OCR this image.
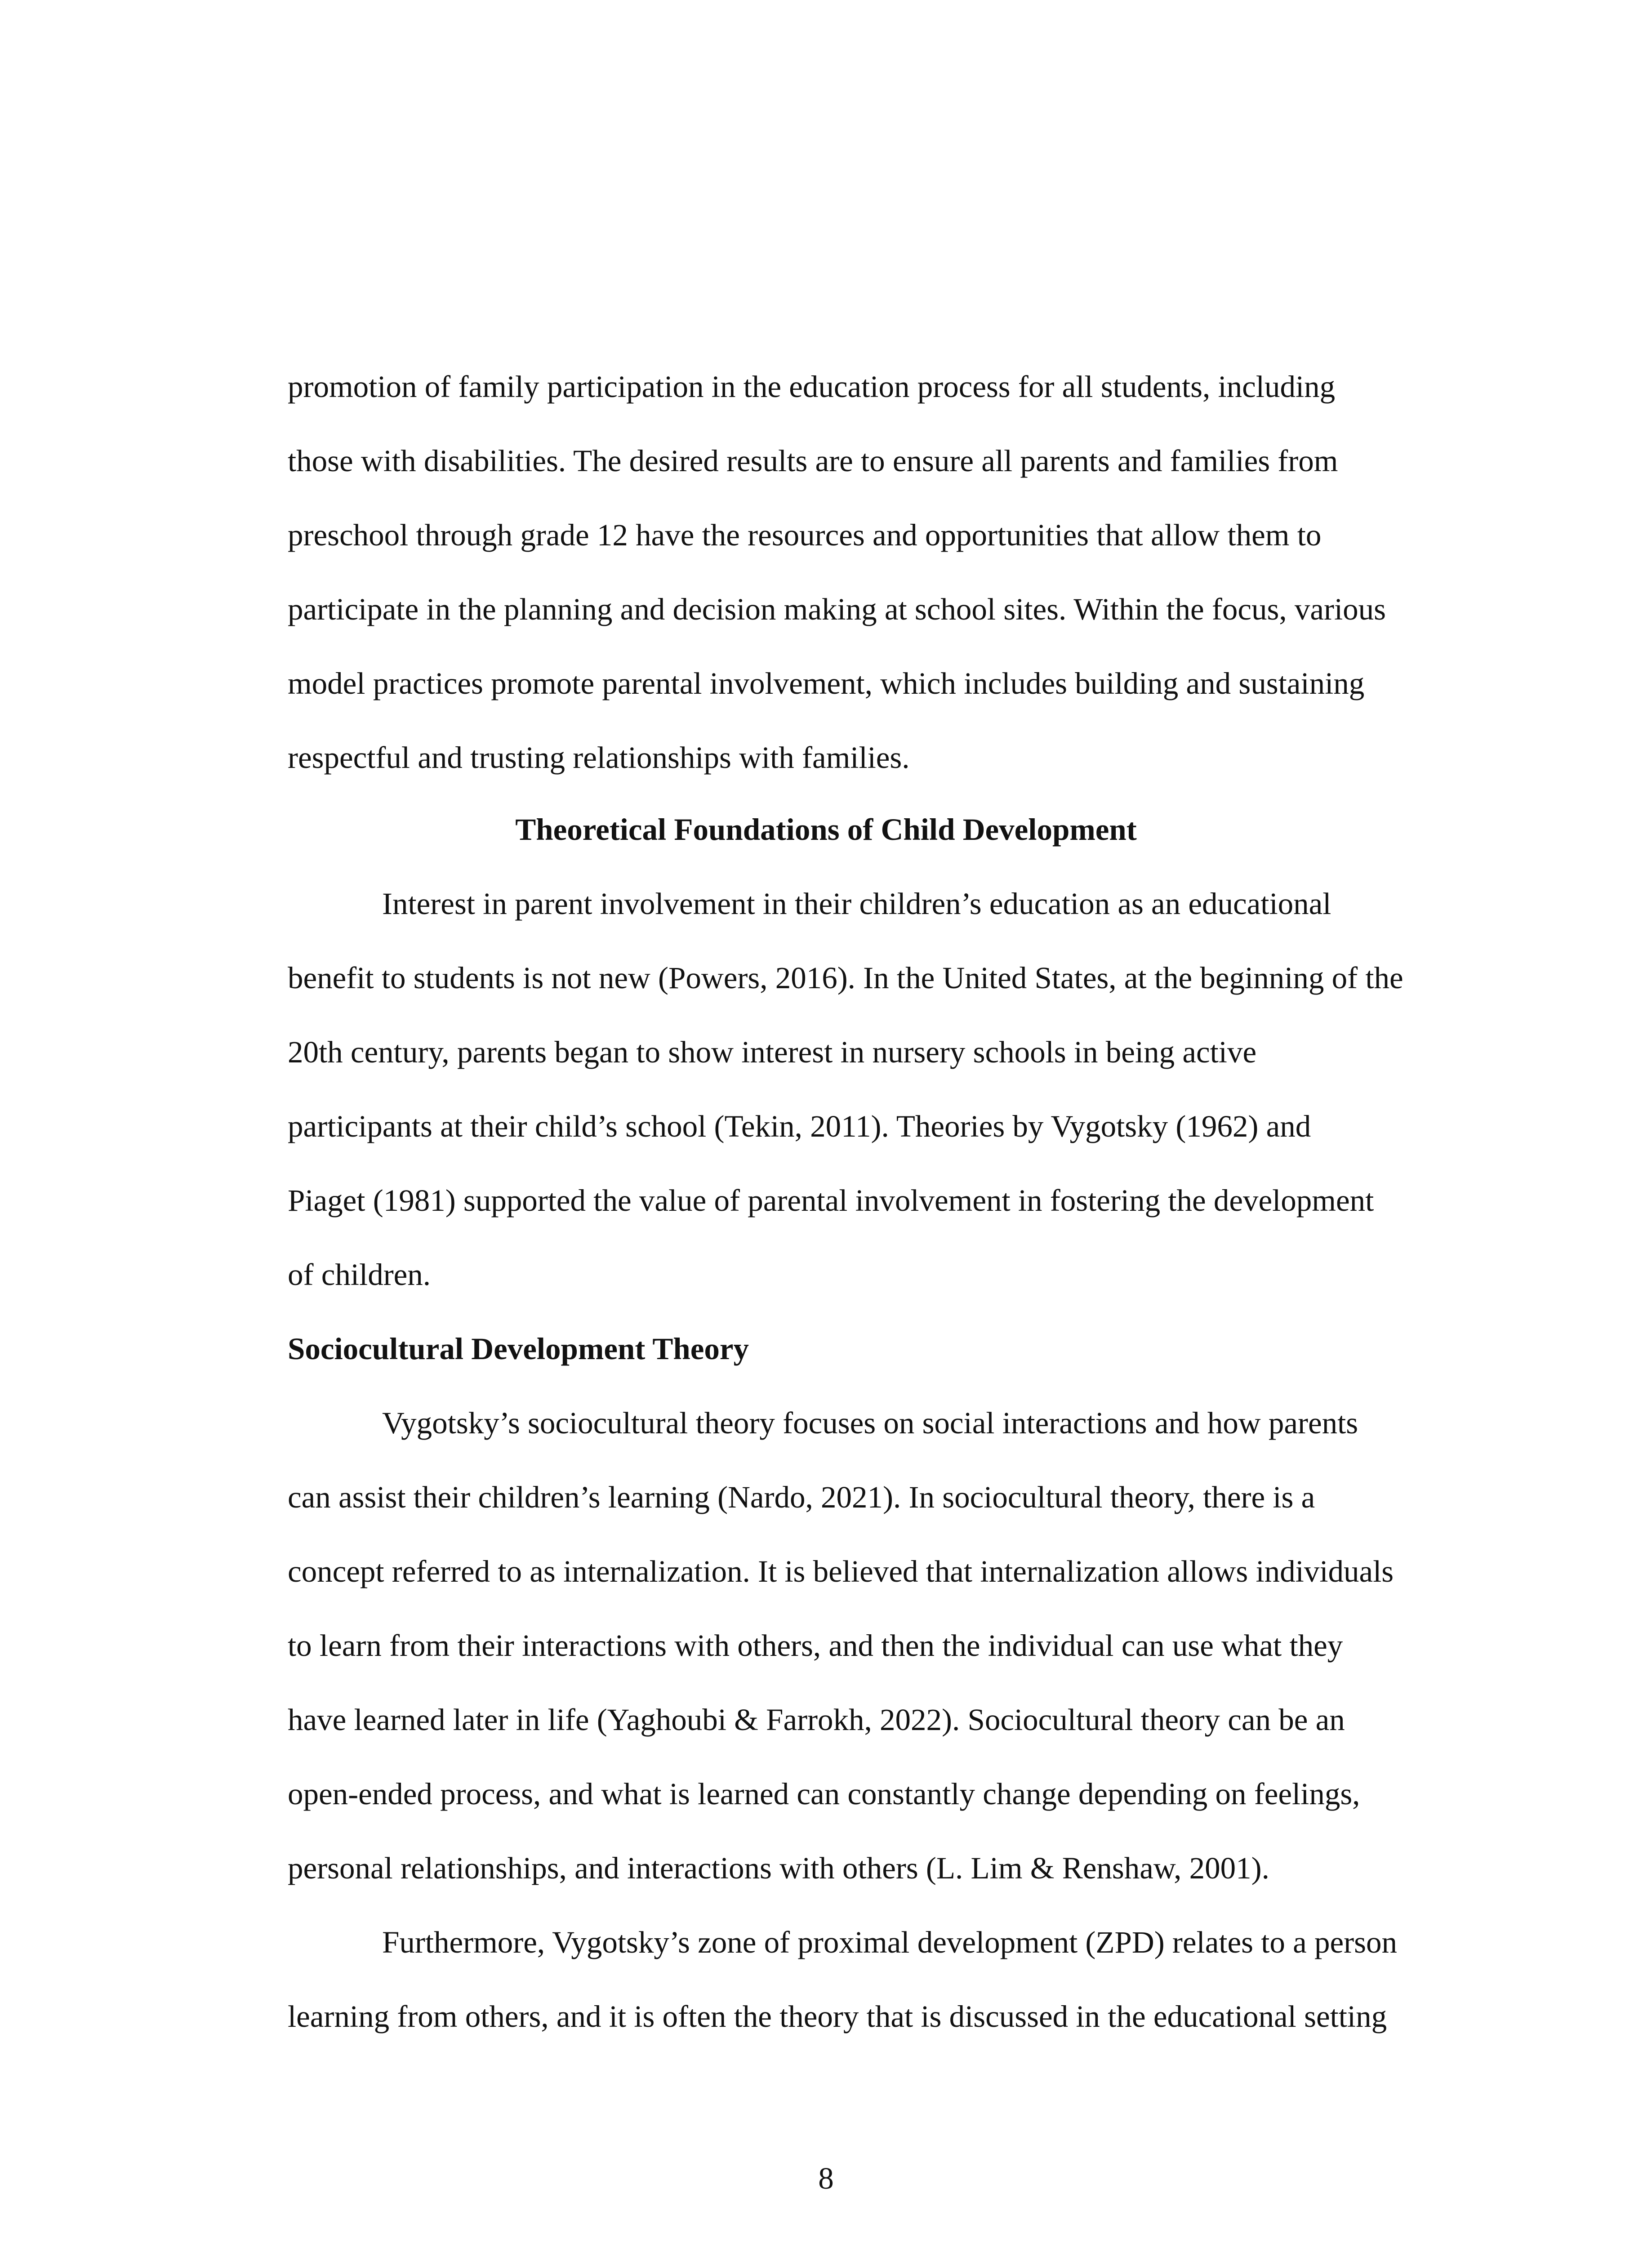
promotion of family participation in the education process for all students, including

those with disabilities. The desired results are to ensure all parents and families from

preschool through grade 12 have the resources and opportunities that allow them to

participate in the planning and decision making at school sites. Within the focus, various

model practices promote parental involvement, which includes building and sustaining

respectful and trusting relationships with families.

Theoretical Foundations of Child Development

Interest in parent involvement in their children’s education as an educational

benefit to students is not new (Powers, 2016). In the United States, at the beginning of the

20th century, parents began to show interest in nursery schools in being active

participants at their child’s school (Tekin, 2011). Theories by Vygotsky (1962) and

Piaget (1981) supported the value of parental involvement in fostering the development

of children.

Sociocultural Development Theory

Vygotsky’s sociocultural theory focuses on social interactions and how parents

can assist their children’s learning (Nardo, 2021). In sociocultural theory, there is a

concept referred to as internalization. It is believed that internalization allows individuals

to learn from their interactions with others, and then the individual can use what they

have learned later in life (Yaghoubi & Farrokh, 2022). Sociocultural theory can be an

open-ended process, and what is learned can constantly change depending on feelings,

personal relationships, and interactions with others (L. Lim & Renshaw, 2001).

Furthermore, Vygotsky’s zone of proximal development (ZPD) relates to a person

learning from others, and it is often the theory that is discussed in the educational setting

8
